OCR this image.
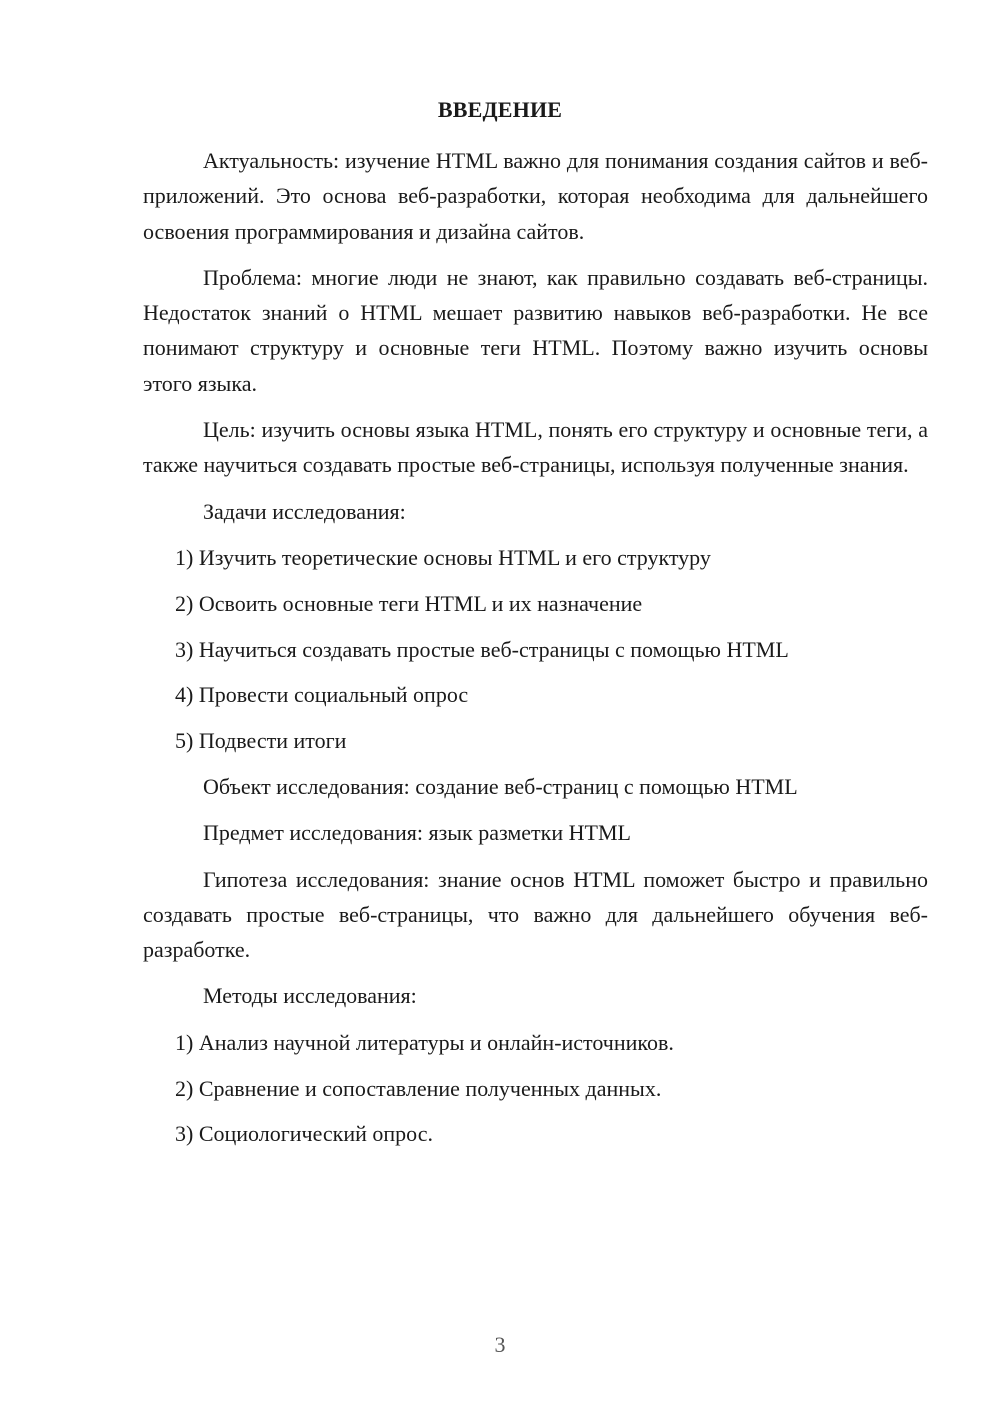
ВВЕДЕНИЕ

Актуальность: изучение HTML важно для понимания создания сайтов и веб-приложений. Это основа веб-разработки, которая необходима для дальнейшего освоения программирования и дизайна сайтов.

Проблема: многие люди не знают, как правильно создавать веб-страницы. Недостаток знаний о HTML мешает развитию навыков веб-разработки. Не все понимают структуру и основные теги HTML. Поэтому важно изучить основы этого языка.

Цель: изучить основы языка HTML, понять его структуру и основные теги, а также научиться создавать простые веб-страницы, используя полученные знания.

Задачи исследования:

1) Изучить теоретические основы HTML и его структуру

2) Освоить основные теги HTML и их назначение

3) Научиться создавать простые веб-страницы с помощью HTML

4) Провести социальный опрос

5) Подвести итоги

Объект исследования: создание веб-страниц с помощью HTML

Предмет исследования: язык разметки HTML

Гипотеза исследования: знание основ HTML поможет быстро и правильно создавать простые веб-страницы, что важно для дальнейшего обучения веб-разработке.

Методы исследования:

1) Анализ научной литературы и онлайн-источников.

2) Сравнение и сопоставление полученных данных.

3) Социологический опрос.

3
